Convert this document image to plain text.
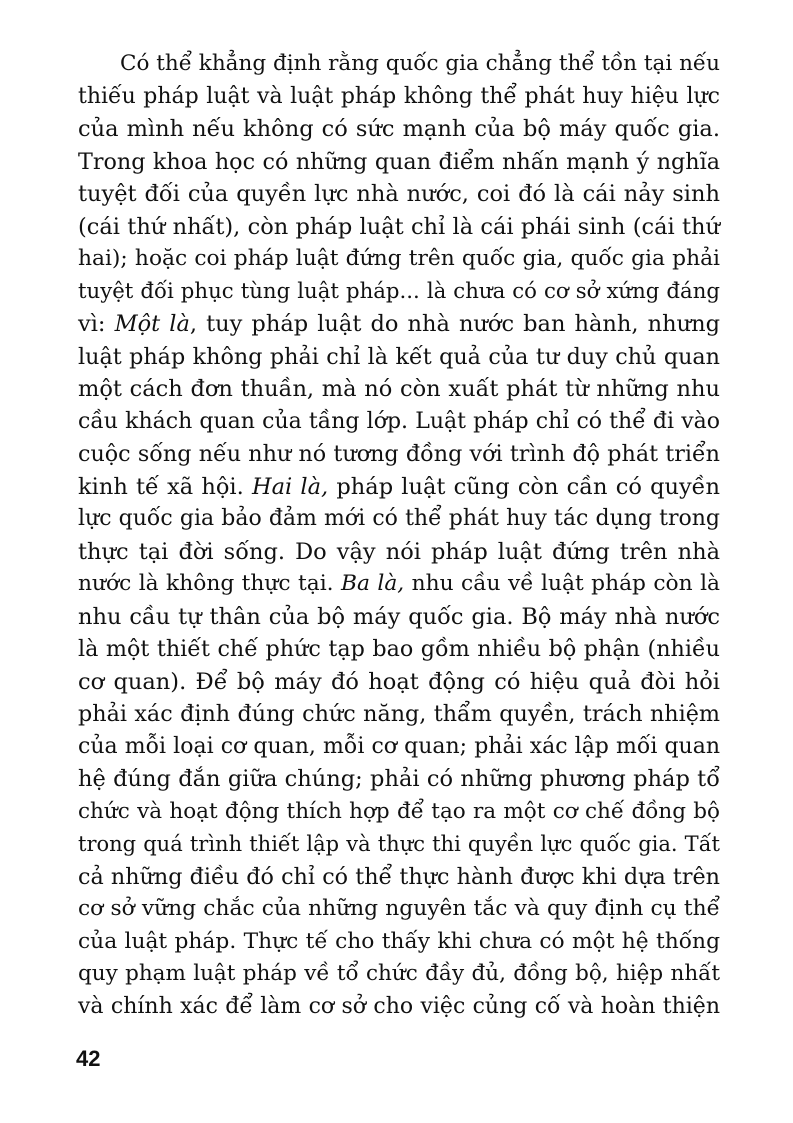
Có thể khẳng định rằng quốc gia chẳng thể tồn tại nếu
thiếu pháp luật và luật pháp không thể phát huy hiệu lực
của mình nếu không có sức mạnh của bộ máy quốc gia.
Trong khoa học có những quan điểm nhấn mạnh ý nghĩa
tuyệt đối của quyền lực nhà nước, coi đó là cái nảy sinh
(cái thứ nhất), còn pháp luật chỉ là cái phái sinh (cái thứ
hai); hoặc coi pháp luật đứng trên quốc gia, quốc gia phải
tuyệt đối phục tùng luật pháp... là chưa có cơ sở xứng đáng
vì: Một là, tuy pháp luật do nhà nước ban hành, nhưng
luật pháp không phải chỉ là kết quả của tư duy chủ quan
một cách đơn thuần, mà nó còn xuất phát từ những nhu
cầu khách quan của tầng lớp. Luật pháp chỉ có thể đi vào
cuộc sống nếu như nó tương đồng với trình độ phát triển
kinh tế xã hội. Hai là, pháp luật cũng còn cần có quyền
lực quốc gia bảo đảm mới có thể phát huy tác dụng trong
thực tại đời sống. Do vậy nói pháp luật đứng trên nhà
nước là không thực tại. Ba là, nhu cầu về luật pháp còn là
nhu cầu tự thân của bộ máy quốc gia. Bộ máy nhà nước
là một thiết chế phức tạp bao gồm nhiều bộ phận (nhiều
cơ quan). Để bộ máy đó hoạt động có hiệu quả đòi hỏi
phải xác định đúng chức năng, thẩm quyền, trách nhiệm
của mỗi loại cơ quan, mỗi cơ quan; phải xác lập mối quan
hệ đúng đắn giữa chúng; phải có những phương pháp tổ
chức và hoạt động thích hợp để tạo ra một cơ chế đồng bộ
trong quá trình thiết lập và thực thi quyền lực quốc gia. Tất
cả những điều đó chỉ có thể thực hành được khi dựa trên
cơ sở vững chắc của những nguyên tắc và quy định cụ thể
của luật pháp. Thực tế cho thấy khi chưa có một hệ thống
quy phạm luật pháp về tổ chức đầy đủ, đồng bộ, hiệp nhất
và chính xác để làm cơ sở cho việc củng cố và hoàn thiện
42
